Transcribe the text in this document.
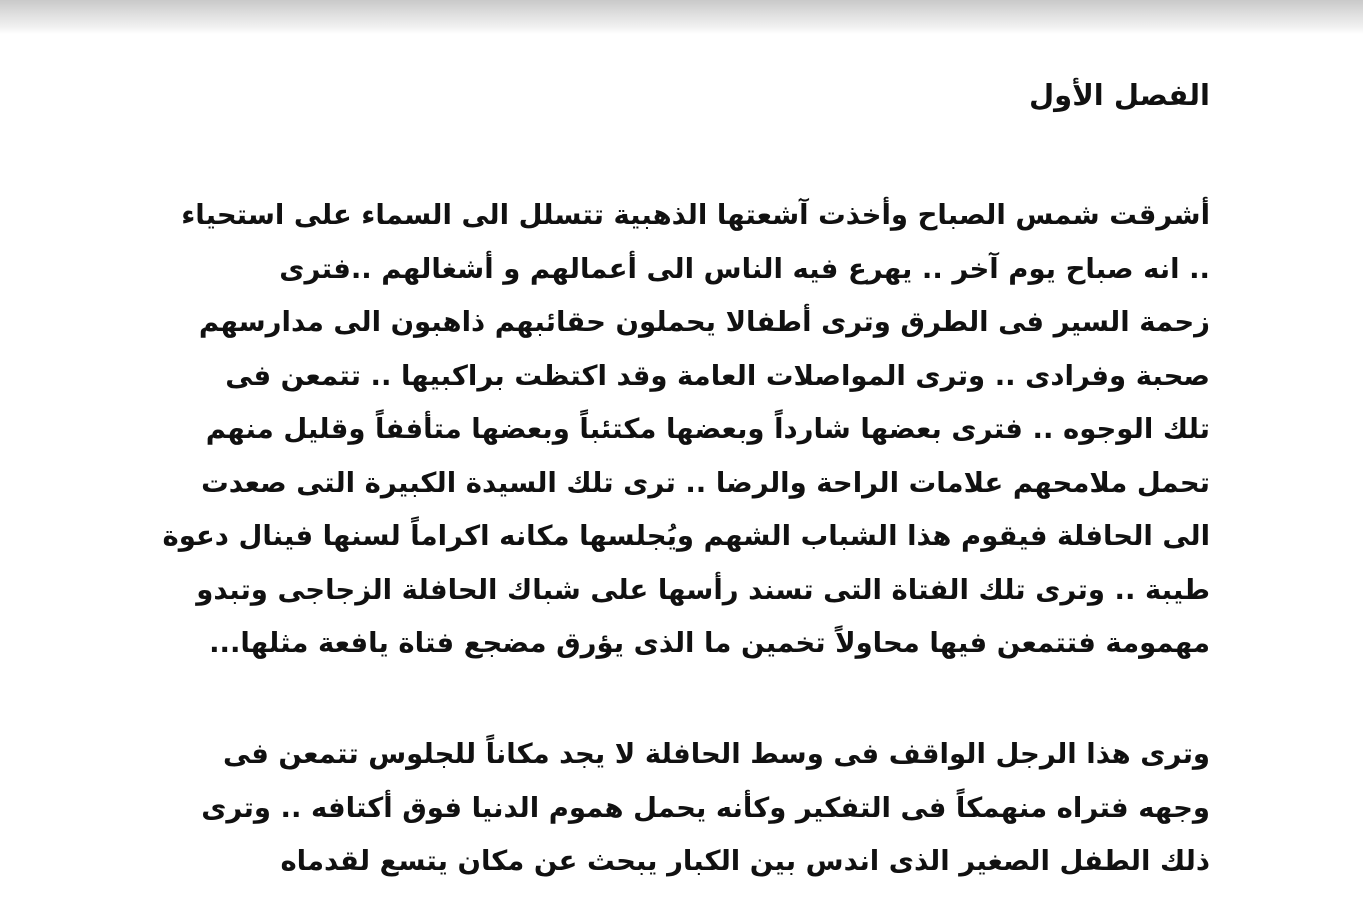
الفصل الأول

أشرقت شمس الصباح وأخذت آشعتها الذهبية تتسلل الى السماء على استحياء
.. انه صباح يوم آخر .. يهرع فيه الناس الى أعمالهم و أشغالهم ..فترى
زحمة السير فى الطرق وترى أطفالا يحملون حقائبهم ذاهبون الى مدارسهم
صحبة وفرادى .. وترى المواصلات العامة وقد اكتظت براكبيها .. تتمعن فى
تلك الوجوه .. فترى بعضها شارداً وبعضها مكتئباً وبعضها متأففاً وقليل منهم
تحمل ملامحهم علامات الراحة والرضا .. ترى تلك السيدة الكبيرة التى صعدت
الى الحافلة فيقوم هذا الشباب الشهم ويُجلسها مكانه اكراماً لسنها فينال دعوة
طيبة .. وترى تلك الفتاة التى تسند رأسها على شباك الحافلة الزجاجى وتبدو
مهمومة فتتمعن فيها محاولاً تخمين ما الذى يؤرق مضجع فتاة يافعة مثلها...

وترى هذا الرجل الواقف فى وسط الحافلة لا يجد مكاناً للجلوس تتمعن فى
وجهه فتراه منهمكاً فى التفكير وكأنه يحمل هموم الدنيا فوق أكتافه .. وترى
ذلك الطفل الصغير الذى اندس بين الكبار يبحث عن مكان يتسع لقدماه
